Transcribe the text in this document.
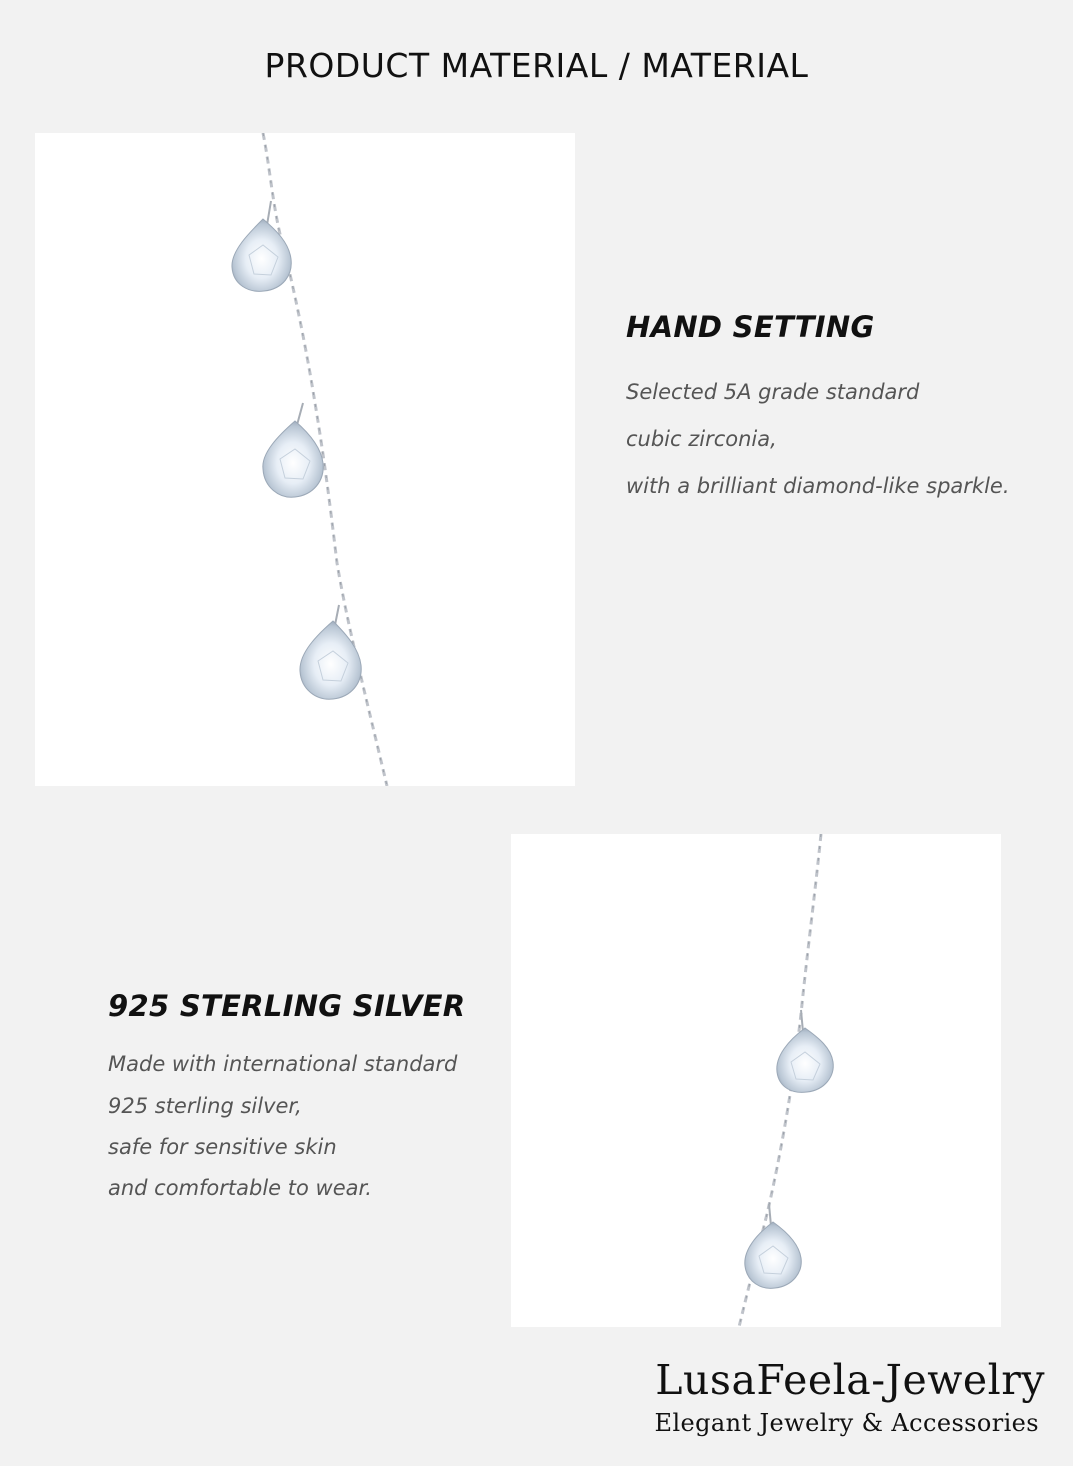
PRODUCT MATERIAL / MATERIAL
HAND SETTING
Selected 5A grade standard
cubic zirconia,
with a brilliant diamond-like sparkle.
925 STERLING SILVER
Made with international standard
925 sterling silver,
safe for sensitive skin
and comfortable to wear.
LusaFeela-Jewelry
Elegant Jewelry & Accessories
